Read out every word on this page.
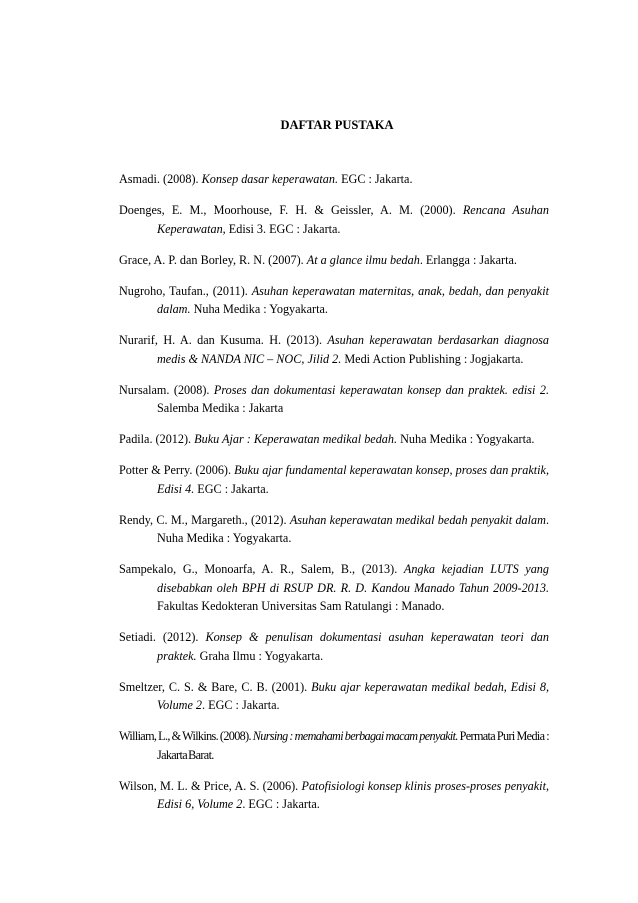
DAFTAR PUSTAKA
Asmadi. (2008). Konsep dasar keperawatan. EGC : Jakarta.
Doenges, E. M., Moorhouse, F. H. & Geissler, A. M. (2000). Rencana Asuhan Keperawatan, Edisi 3. EGC : Jakarta.
Grace, A. P. dan Borley, R. N. (2007). At a glance ilmu bedah. Erlangga : Jakarta.
Nugroho, Taufan., (2011). Asuhan keperawatan maternitas, anak, bedah, dan penyakit dalam. Nuha Medika : Yogyakarta.
Nurarif, H. A. dan Kusuma. H. (2013). Asuhan keperawatan berdasarkan diagnosa medis & NANDA NIC – NOC, Jilid 2. Medi Action Publishing : Jogjakarta.
Nursalam. (2008). Proses dan dokumentasi keperawatan konsep dan praktek. edisi 2. Salemba Medika : Jakarta
Padila. (2012). Buku Ajar : Keperawatan medikal bedah. Nuha Medika : Yogyakarta.
Potter & Perry. (2006). Buku ajar fundamental keperawatan konsep, proses dan praktik, Edisi 4. EGC : Jakarta.
Rendy, C. M., Margareth., (2012). Asuhan keperawatan medikal bedah penyakit dalam. Nuha Medika : Yogyakarta.
Sampekalo, G., Monoarfa, A. R., Salem, B., (2013). Angka kejadian LUTS yang disebabkan oleh BPH di RSUP DR. R. D. Kandou Manado Tahun 2009-2013. Fakultas Kedokteran Universitas Sam Ratulangi : Manado.
Setiadi. (2012). Konsep & penulisan dokumentasi asuhan keperawatan teori dan praktek. Graha Ilmu : Yogyakarta.
Smeltzer, C. S. & Bare, C. B. (2001). Buku ajar keperawatan medikal bedah, Edisi 8, Volume 2. EGC : Jakarta.
William, L., & Wilkins. (2008). Nursing : memahami berbagai macam penyakit. Permata Puri Media : Jakarta Barat.
Wilson, M. L. & Price, A. S. (2006). Patofisiologi konsep klinis proses-proses penyakit, Edisi 6, Volume 2. EGC : Jakarta.
